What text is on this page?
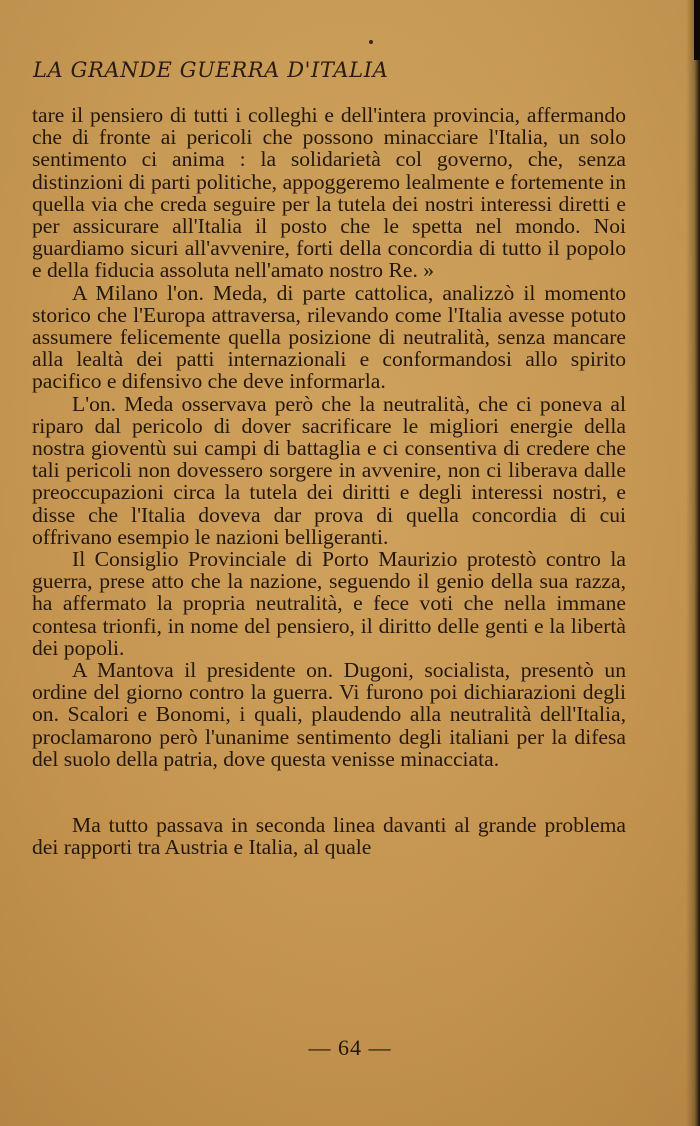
LA GRANDE GUERRA D'ITALIA

tare il pensiero di tutti i colleghi e dell'intera provincia, affermando che di fronte ai pericoli che possono minacciare l'Italia, un solo sentimento ci anima : la solidarietà col governo, che, senza distinzioni di parti politiche, appoggeremo lealmente e fortemente in quella via che creda seguire per la tutela dei nostri interessi diretti e per assicurare all'Italia il posto che le spetta nel mondo. Noi guardiamo sicuri all'avvenire, forti della concordia di tutto il popolo e della fiducia assoluta nell'amato nostro Re. »

A Milano l'on. Meda, di parte cattolica, analizzò il momento storico che l'Europa attraversa, rilevando come l'Italia avesse potuto assumere felicemente quella posizione di neutralità, senza mancare alla lealtà dei patti internazionali e conformandosi allo spirito pacifico e difensivo che deve informarla.

L'on. Meda osservava però che la neutralità, che ci poneva al riparo dal pericolo di dover sacrificare le migliori energie della nostra gioventù sui campi di battaglia e ci consentiva di credere che tali pericoli non dovessero sorgere in avvenire, non ci liberava dalle preoccupazioni circa la tutela dei diritti e degli interessi nostri, e disse che l'Italia doveva dar prova di quella concordia di cui offrivano esempio le nazioni belligeranti.

Il Consiglio Provinciale di Porto Maurizio protestò contro la guerra, prese atto che la nazione, seguendo il genio della sua razza, ha affermato la propria neutralità, e fece voti che nella immane contesa trionfi, in nome del pensiero, il diritto delle genti e la libertà dei popoli.

A Mantova il presidente on. Dugoni, socialista, presentò un ordine del giorno contro la guerra. Vi furono poi dichiarazioni degli on. Scalori e Bonomi, i quali, plaudendo alla neutralità dell'Italia, proclamarono però l'unanime sentimento degli italiani per la difesa del suolo della patria, dove questa venisse minacciata.

Ma tutto passava in seconda linea davanti al grande problema dei rapporti tra Austria e Italia, al quale

— 64 —
